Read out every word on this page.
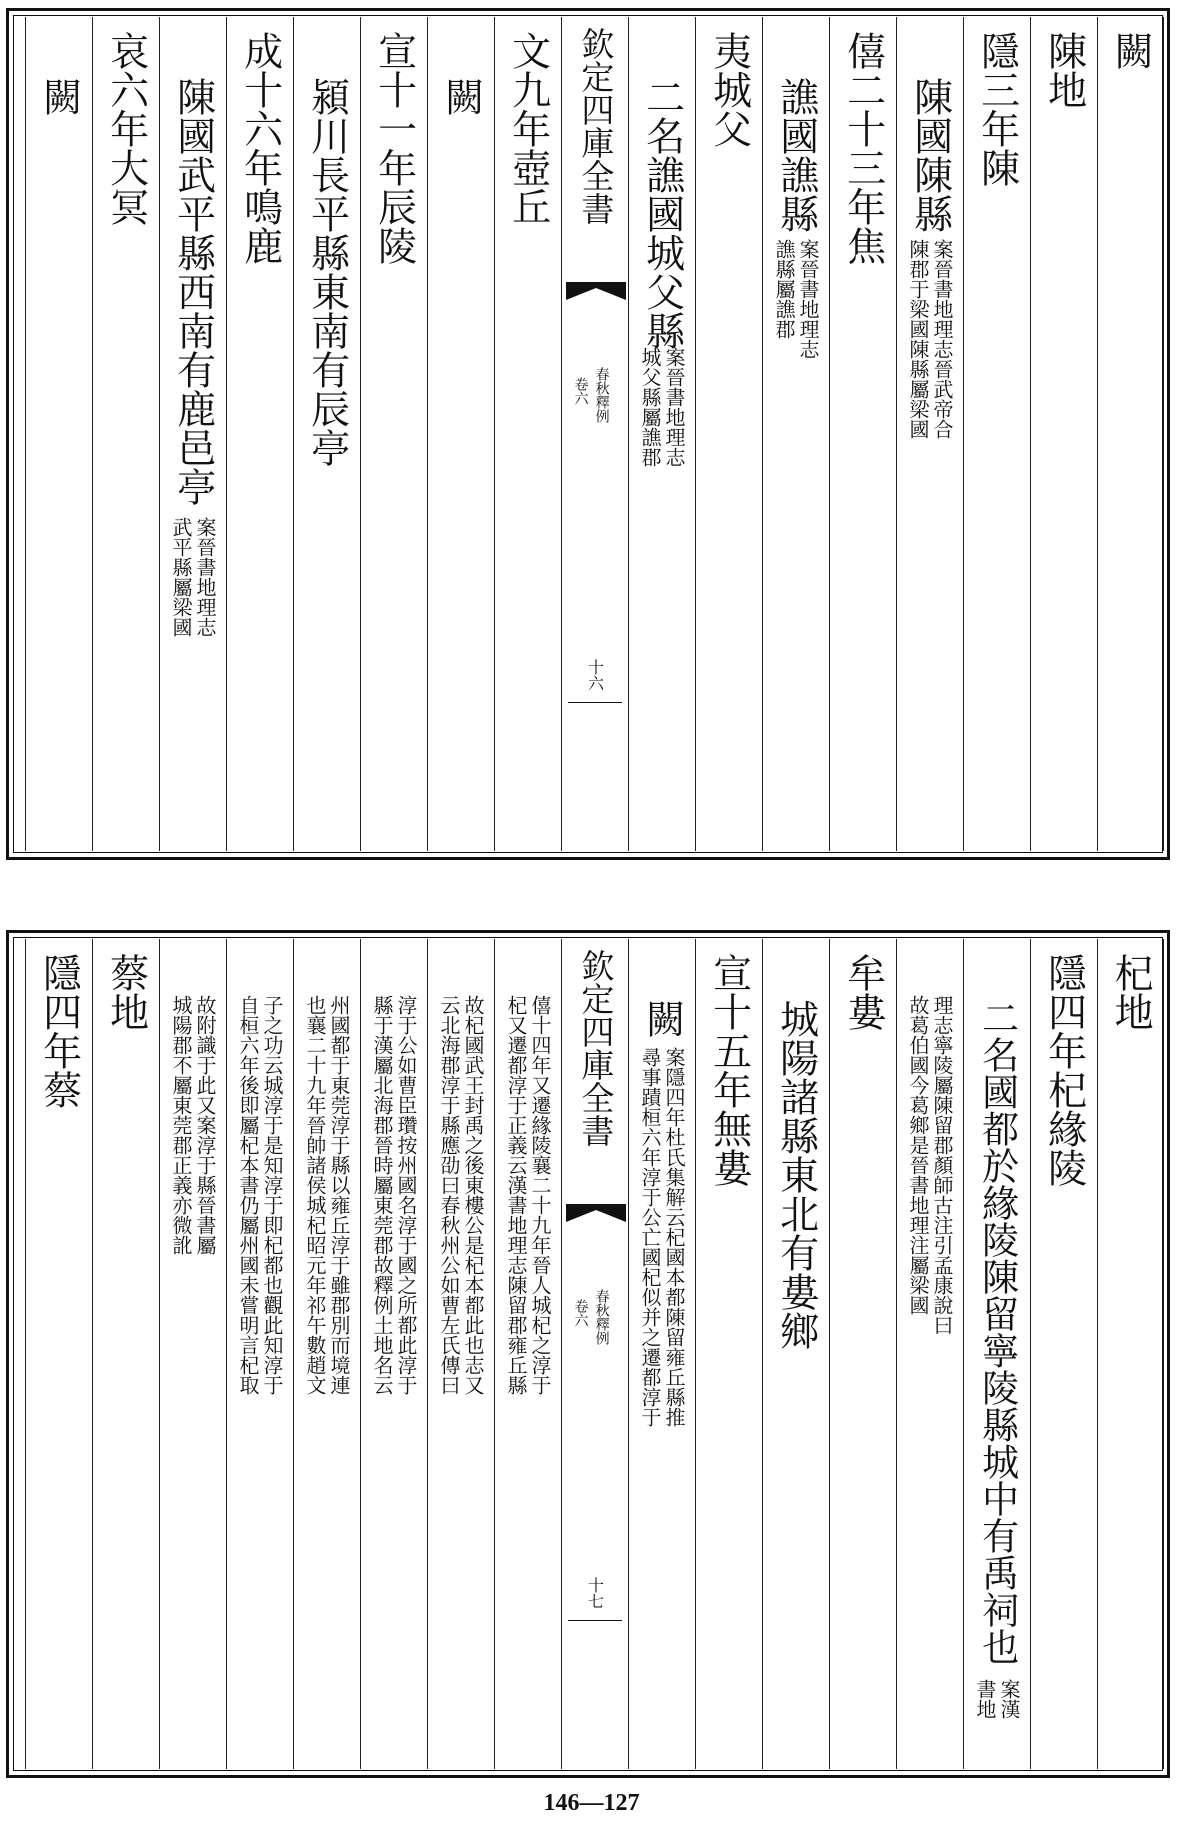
闕
陳地
隱三年陳
陳國陳縣
案晉書地理志晉武帝合
陳郡于梁國陳縣屬梁國
僖二十三年焦
譙國譙縣
案晉書地理志
譙縣屬譙郡
夷城父
二名譙國城父縣
案晉書地理志
城父縣屬譙郡
欽定四庫全書
春秋釋例
卷六
十六
文九年壺丘
闕
宣十一年辰陵
潁川長平縣東南有辰亭
成十六年鳴鹿
陳國武平縣西南有鹿邑亭
案晉書地理志
武平縣屬梁國
哀六年大冥
闕
杞地
隱四年杞緣陵
二名國都於緣陵陳留寧陵縣城中有禹祠也
案漢
書地
理志寧陵屬陳留郡顏師古注引孟康說曰
故葛伯國今葛鄉是晉書地理注屬梁國
牟婁
城陽諸縣東北有婁鄉
宣十五年無婁
闕
案隱四年杜氏集解云杞國本都陳留雍丘縣推
尋事蹟桓六年淳于公亡國杞似并之遷都淳于
欽定四庫全書
春秋釋例
卷六
十七
僖十四年又遷緣陵襄二十九年晉人城杞之淳于
杞又遷都淳于正義云漢書地理志陳留郡雍丘縣
故杞國武王封禹之後東樓公是杞本都此也志又
云北海郡淳于縣應劭曰春秋州公如曹左氏傳曰
淳于公如曹臣瓚按州國名淳于國之所都此淳于
縣于漢屬北海郡晉時屬東莞郡故釋例土地名云
州國都于東莞淳于縣以雍丘淳于雖郡別而境連
也襄二十九年晉帥諸侯城杞昭元年祁午數趙文
子之功云城淳于是知淳于即杞都也觀此知淳于
自桓六年後即屬杞本書仍屬州國未嘗明言杞取
故附識于此又案淳于縣晉書屬
城陽郡不屬東莞郡正義亦微訛
蔡地
隱四年蔡
146—127
